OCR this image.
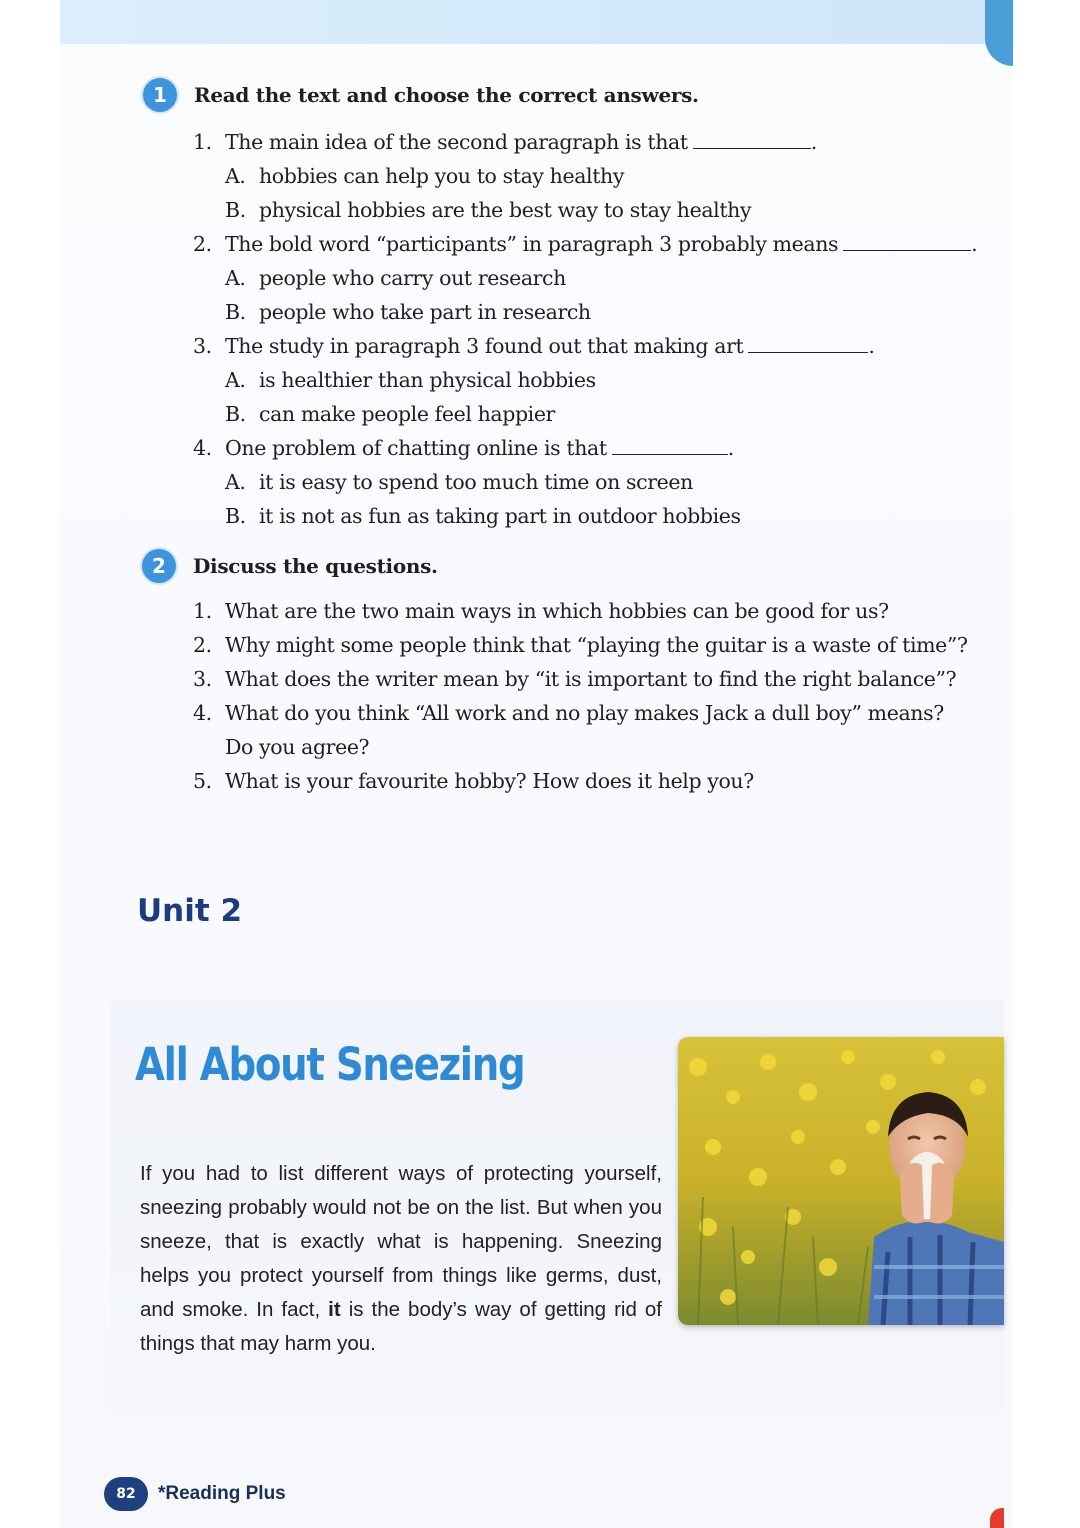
1	Read the text and choose the correct answers.
1. The main idea of the second paragraph is that	.
A. hobbies can help you to stay healthy
B. physical hobbies are the best way to stay healthy
2. The bold word “participants” in paragraph 3 probably means	.
A. people who carry out research
B. people who take part in research
3. The study in paragraph 3 found out that making art	.
A. is healthier than physical hobbies
B. can make people feel happier
4. One problem of chatting online is that	.
A. it is easy to spend too much time on screen
B. it is not as fun as taking part in outdoor hobbies
2	Discuss the questions.
1. What are the two main ways in which hobbies can be good for us?
2. Why might some people think that “playing the guitar is a waste of time”?
3. What does the writer mean by “it is important to find the right balance”?
4. What do you think “All work and no play makes Jack a dull boy” means?
Do you agree?
5. What is your favourite hobby? How does it help you?
Unit 2
All About Sneezing
If you had to list different ways of protecting yourself, sneezing probably would not be on the list. But when you sneeze, that is exactly what is happening. Sneezing helps you protect yourself from things like germs, dust, and smoke. In fact, it is the body’s way of getting rid of things that may harm you.
82	*Reading Plus
